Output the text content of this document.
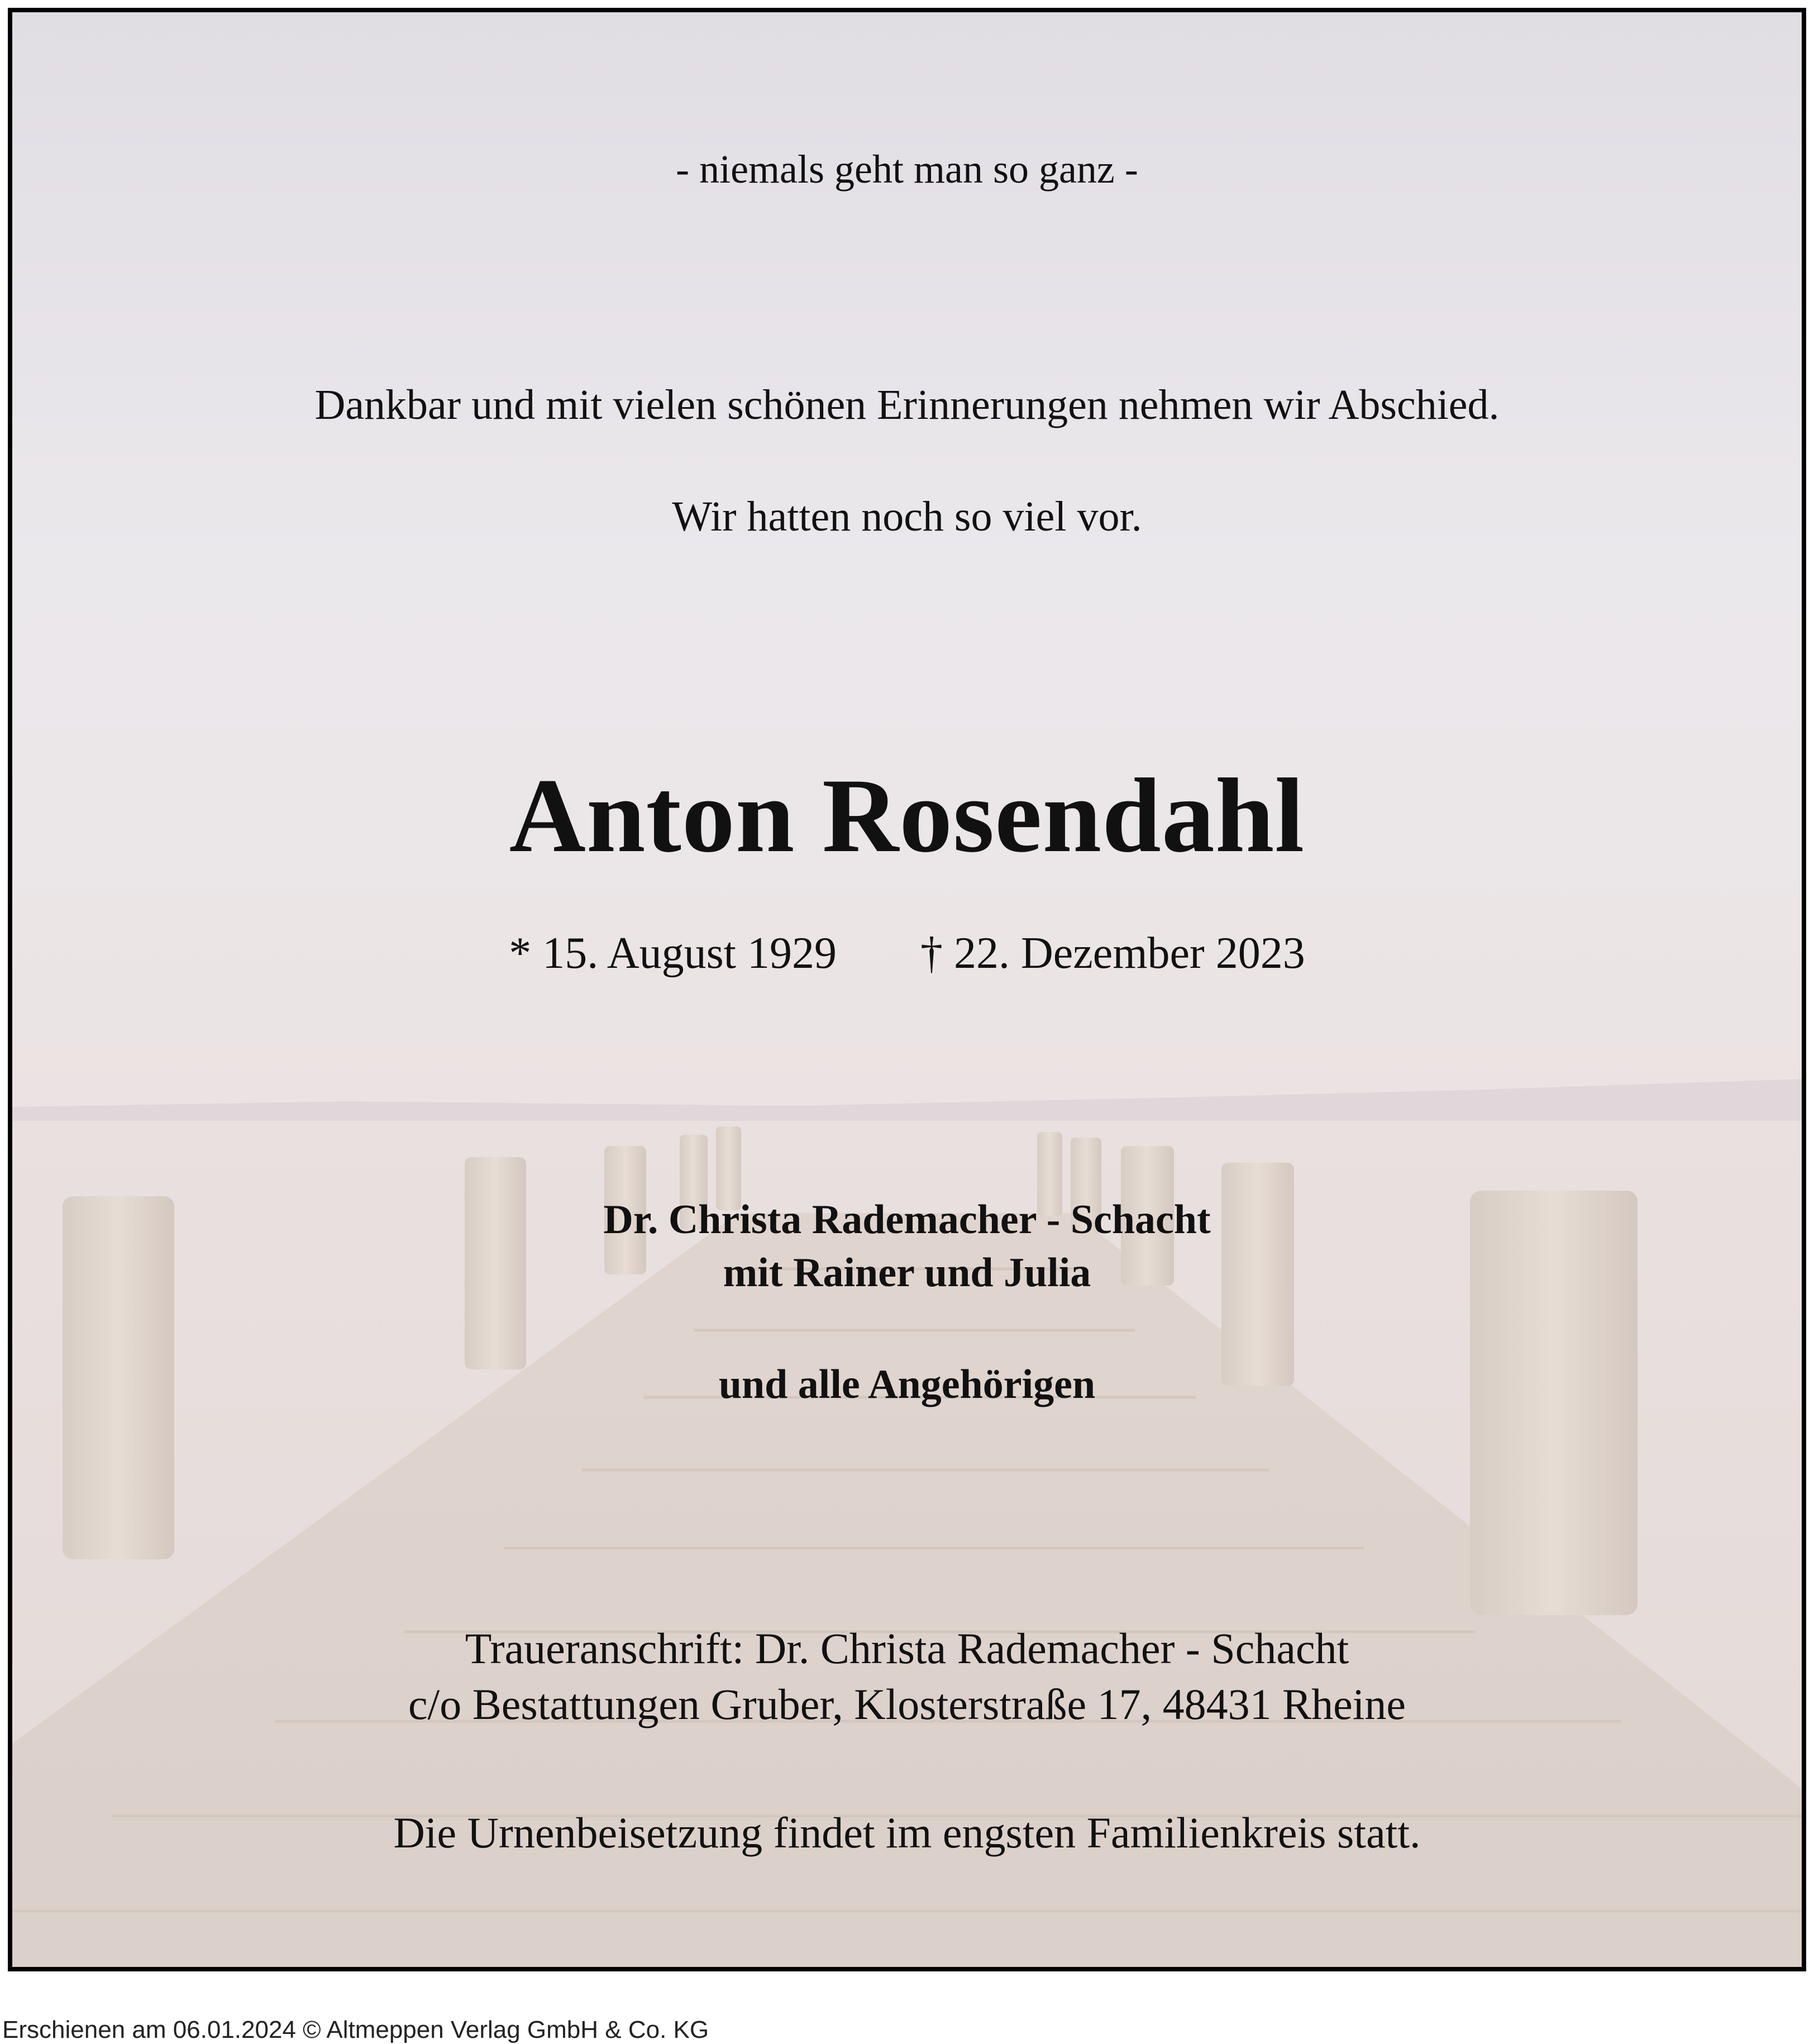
- niemals geht man so ganz -
Dankbar und mit vielen schönen Erinnerungen nehmen wir Abschied.
Wir hatten noch so viel vor.
Anton Rosendahl
* 15. August 1929 † 22. Dezember 2023
Dr. Christa Rademacher - Schacht
mit Rainer und Julia
und alle Angehörigen
Traueranschrift: Dr. Christa Rademacher - Schacht
c/o Bestattungen Gruber, Klosterstraße 17, 48431 Rheine
Die Urnenbeisetzung findet im engsten Familienkreis statt.
Erschienen am 06.01.2024 © Altmeppen Verlag GmbH & Co. KG
